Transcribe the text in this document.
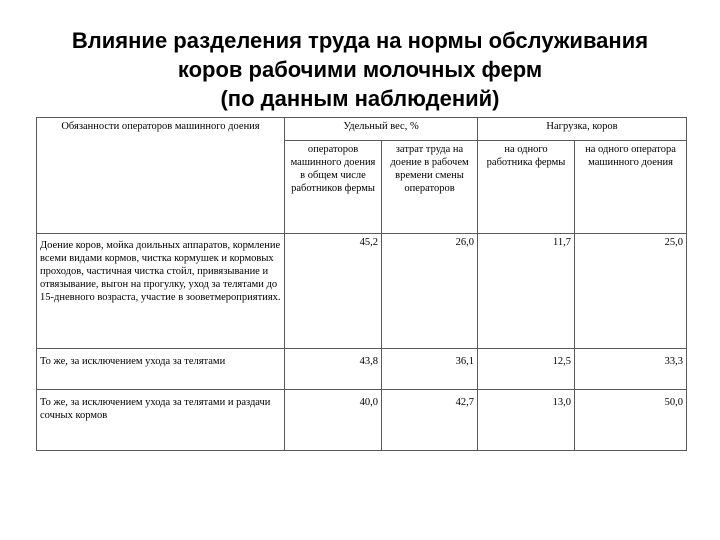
Влияние разделения труда на нормы обслуживания
коров рабочими молочных ферм
(по данным наблюдений)
Обязанности операторов машинного доения	Удельный вес, %		Нагрузка, коров	
	операторов машинного доения в общем числе работников фермы	затрат труда на доение в рабочем времени смены операторов	на одного работника фермы	на одного оператора машинного доения
Доение коров, мойка доильных аппаратов, кормление всеми видами кормов, чистка кормушек и кормовых проходов, частичная чистка стойл, привязывание и отвязывание, выгон на прогулку, уход за телятами до 15-дневного возраста, участие в зооветмероприятиях.	45,2	26,0	11,7	25,0
То же, за исключением ухода за телятами	43,8	36,1	12,5	33,3
То же, за исключением ухода за телятами и раздачи сочных кормов	40,0	42,7	13,0	50,0
